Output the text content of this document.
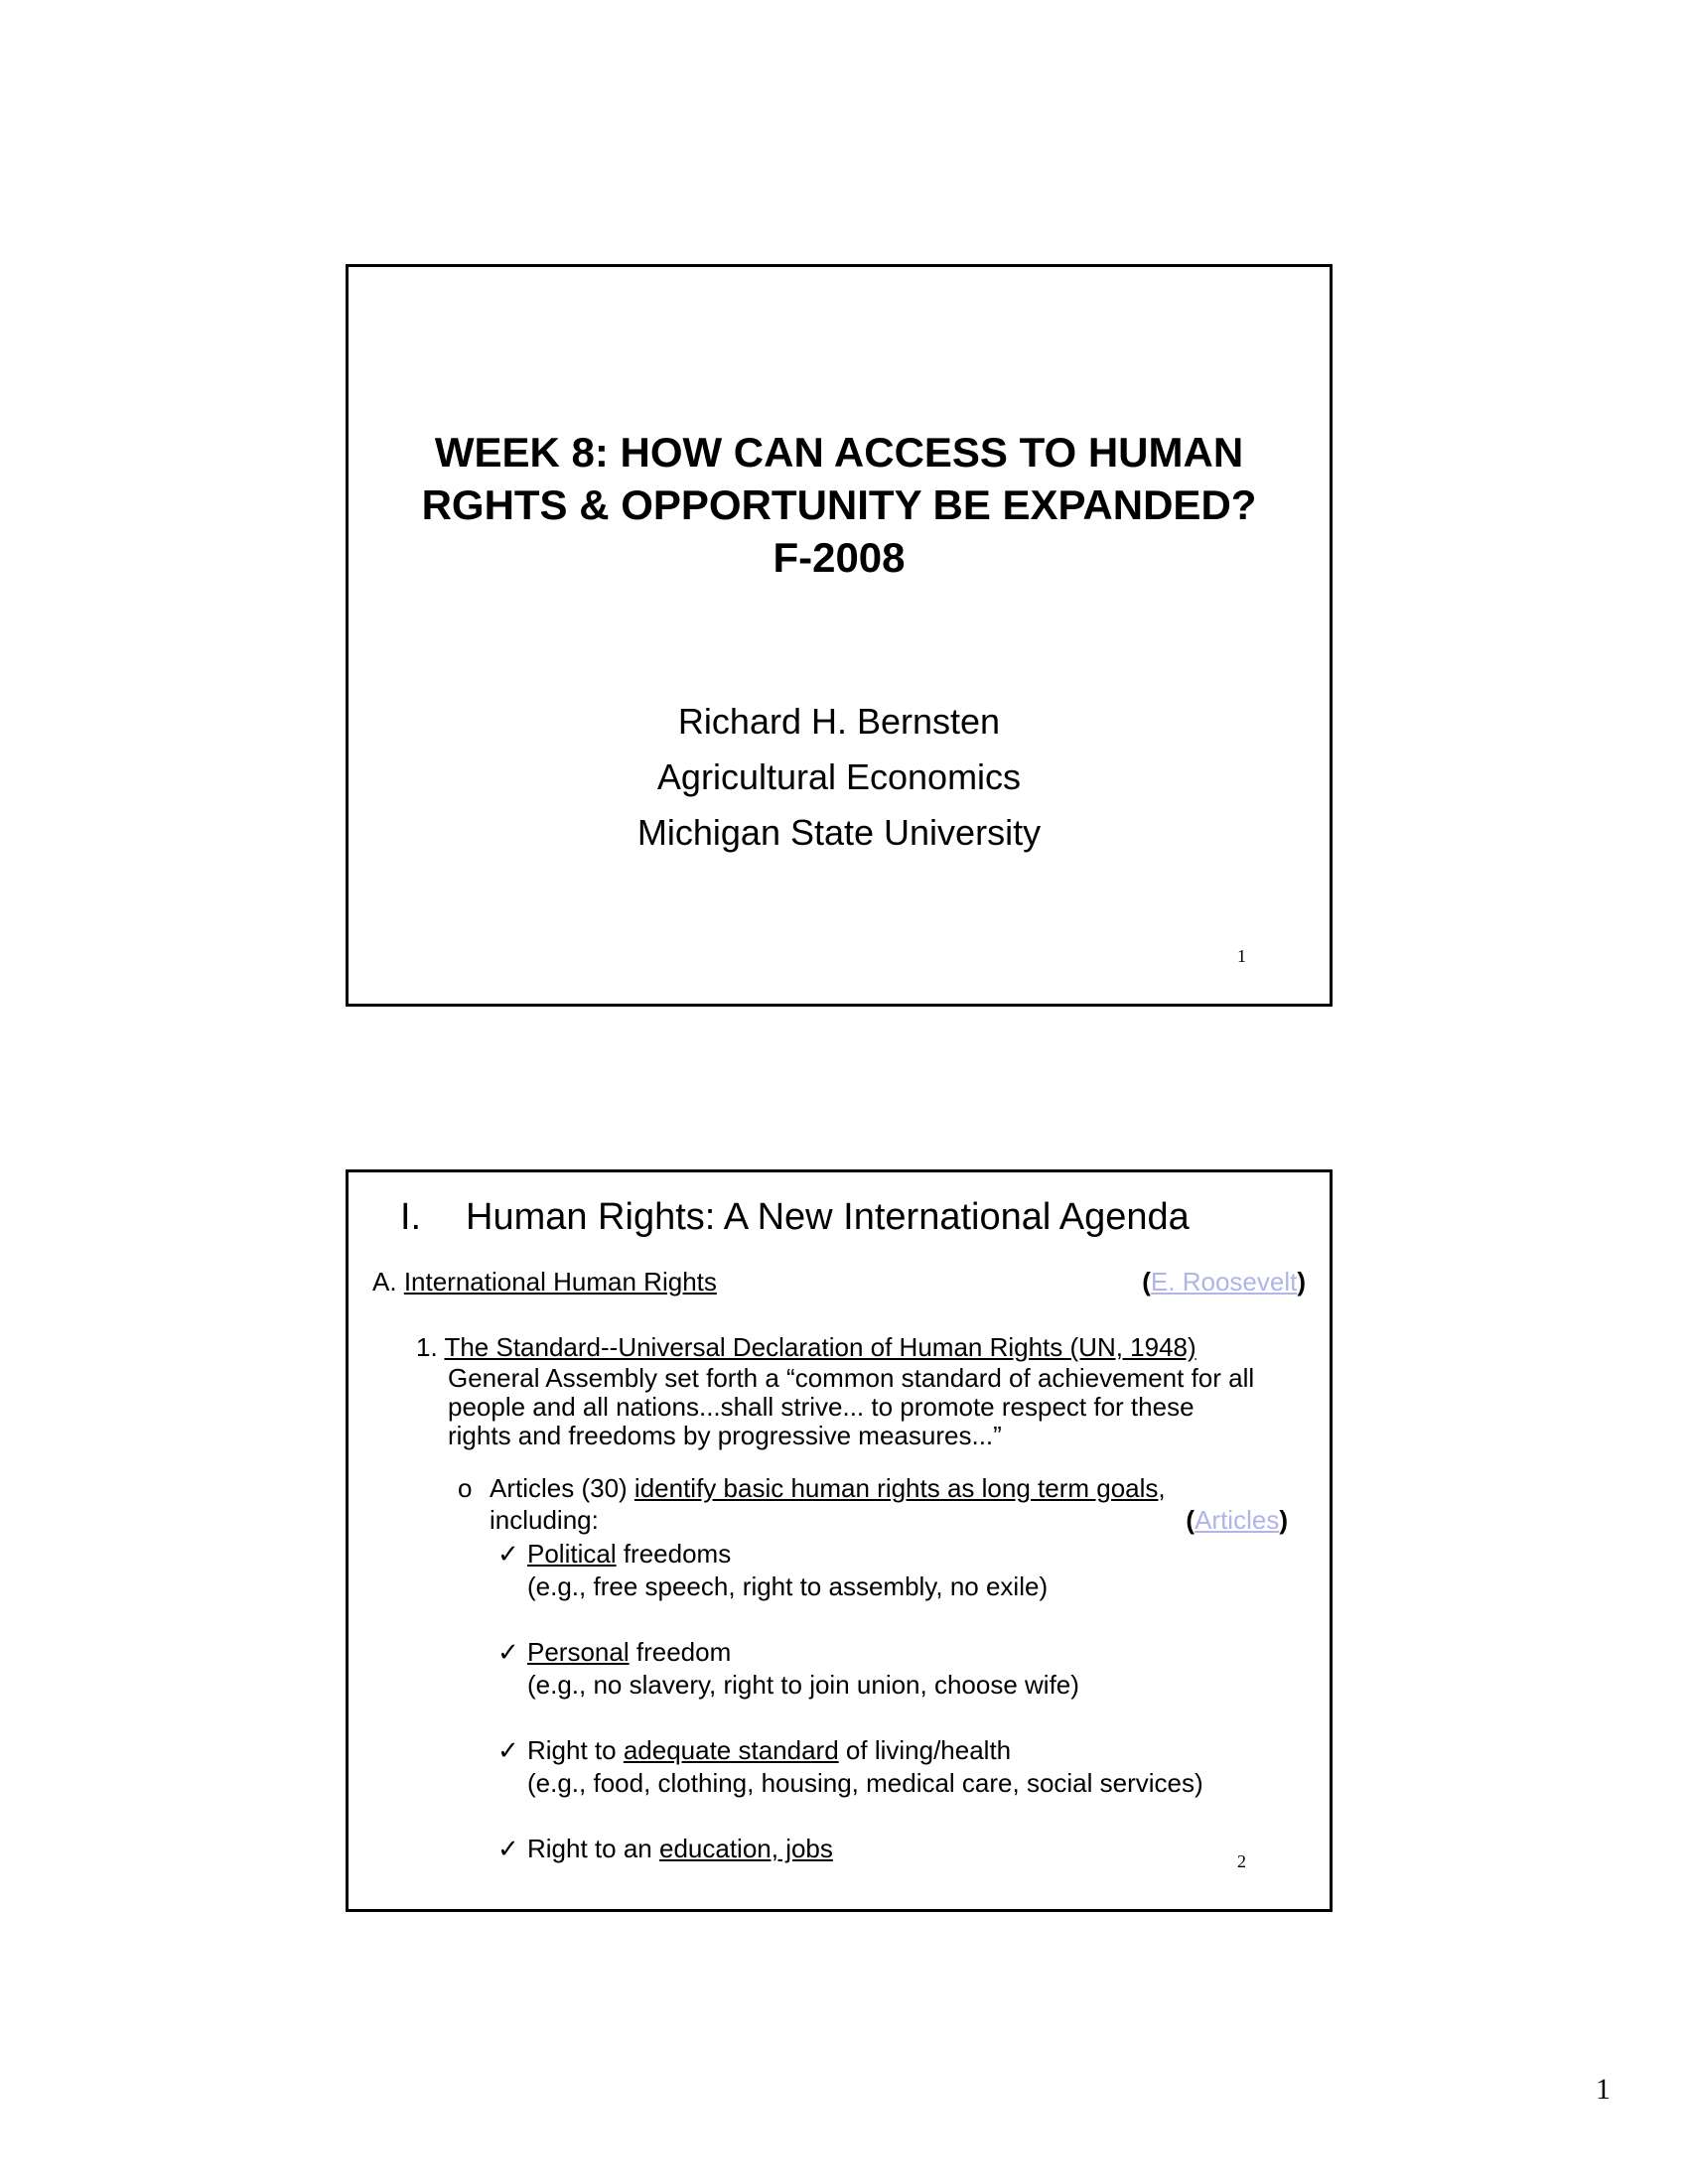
WEEK 8: HOW CAN ACCESS TO HUMAN
RGHTS & OPPORTUNITY BE EXPANDED?
F-2008
Richard H. Bernsten
Agricultural Economics
Michigan State University
1
I. Human Rights: A New International Agenda
A. International Human Rights	(E. Roosevelt)
1. The Standard--Universal Declaration of Human Rights (UN, 1948)
General Assembly set forth a “common standard of achievement for all
people and all nations...shall strive... to promote respect for these
rights and freedoms by progressive measures...”
o Articles (30) identify basic human rights as long term goals,
including:	(Articles)
✓ Political freedoms
(e.g., free speech, right to assembly, no exile)
✓ Personal freedom
(e.g., no slavery, right to join union, choose wife)
✓ Right to adequate standard of living/health
(e.g., food, clothing, housing, medical care, social services)
✓ Right to an education, jobs	2
1
